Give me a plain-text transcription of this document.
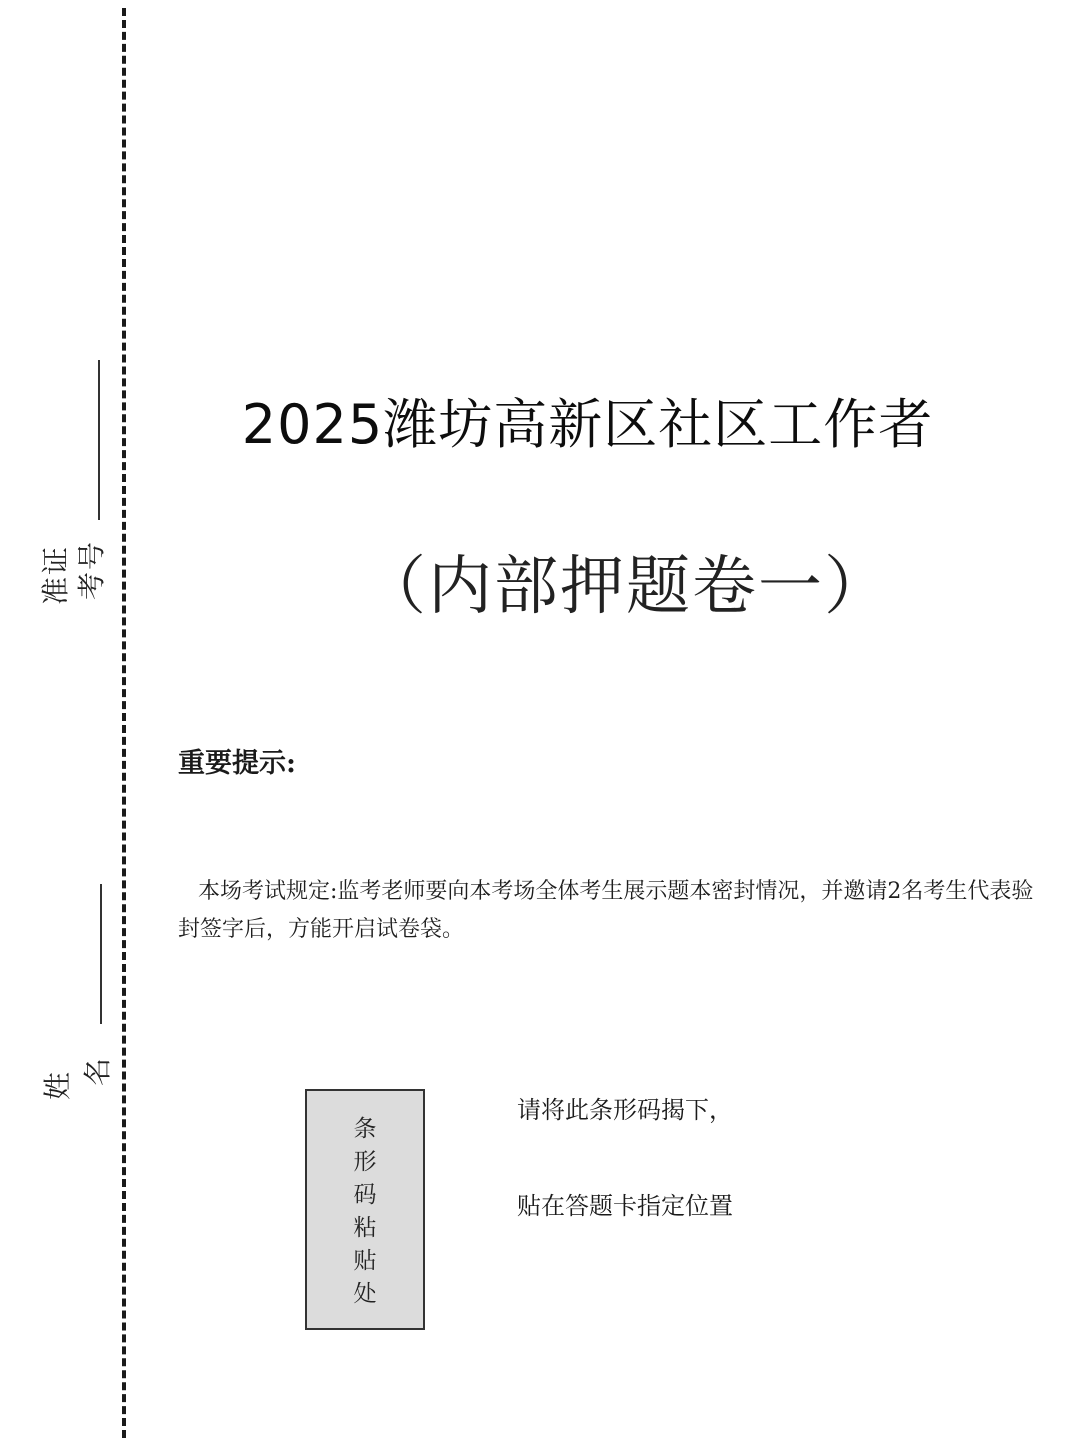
准证 考号
姓 名
2025潍坊高新区社区工作者
（内部押题卷一）
重要提示:
本场考试规定:监考老师要向本考场全体考生展示题本密封情况，并邀请2名考生代表验封签字后，方能开启试卷袋。
条
形
码
粘
贴
处
请将此条形码揭下，
贴在答题卡指定位置
